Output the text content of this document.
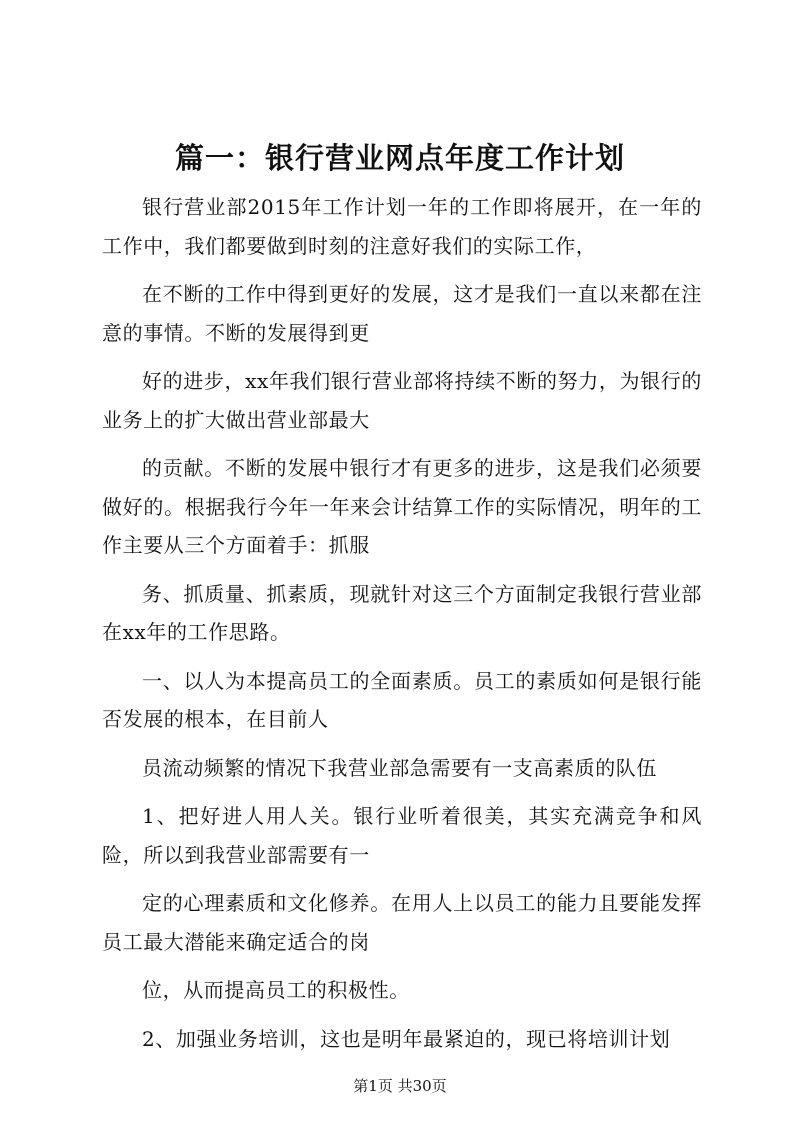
篇一：银行营业网点年度工作计划

银行营业部2015年工作计划一年的工作即将展开，在一年的工作中，我们都要做到时刻的注意好我们的实际工作，

在不断的工作中得到更好的发展，这才是我们一直以来都在注意的事情。不断的发展得到更

好的进步，xx年我们银行营业部将持续不断的努力，为银行的业务上的扩大做出营业部最大

的贡献。不断的发展中银行才有更多的进步，这是我们必须要做好的。根据我行今年一年来会计结算工作的实际情况，明年的工作主要从三个方面着手：抓服

务、抓质量、抓素质，现就针对这三个方面制定我银行营业部在xx年的工作思路。

一、以人为本提高员工的全面素质。员工的素质如何是银行能否发展的根本，在目前人

员流动频繁的情况下我营业部急需要有一支高素质的队伍

1、把好进人用人关。银行业听着很美，其实充满竞争和风险，所以到我营业部需要有一

定的心理素质和文化修养。在用人上以员工的能力且要能发挥员工最大潜能来确定适合的岗

位，从而提高员工的积极性。

2、加强业务培训，这也是明年最紧迫的，现已将培训计划

第1页 共30页
